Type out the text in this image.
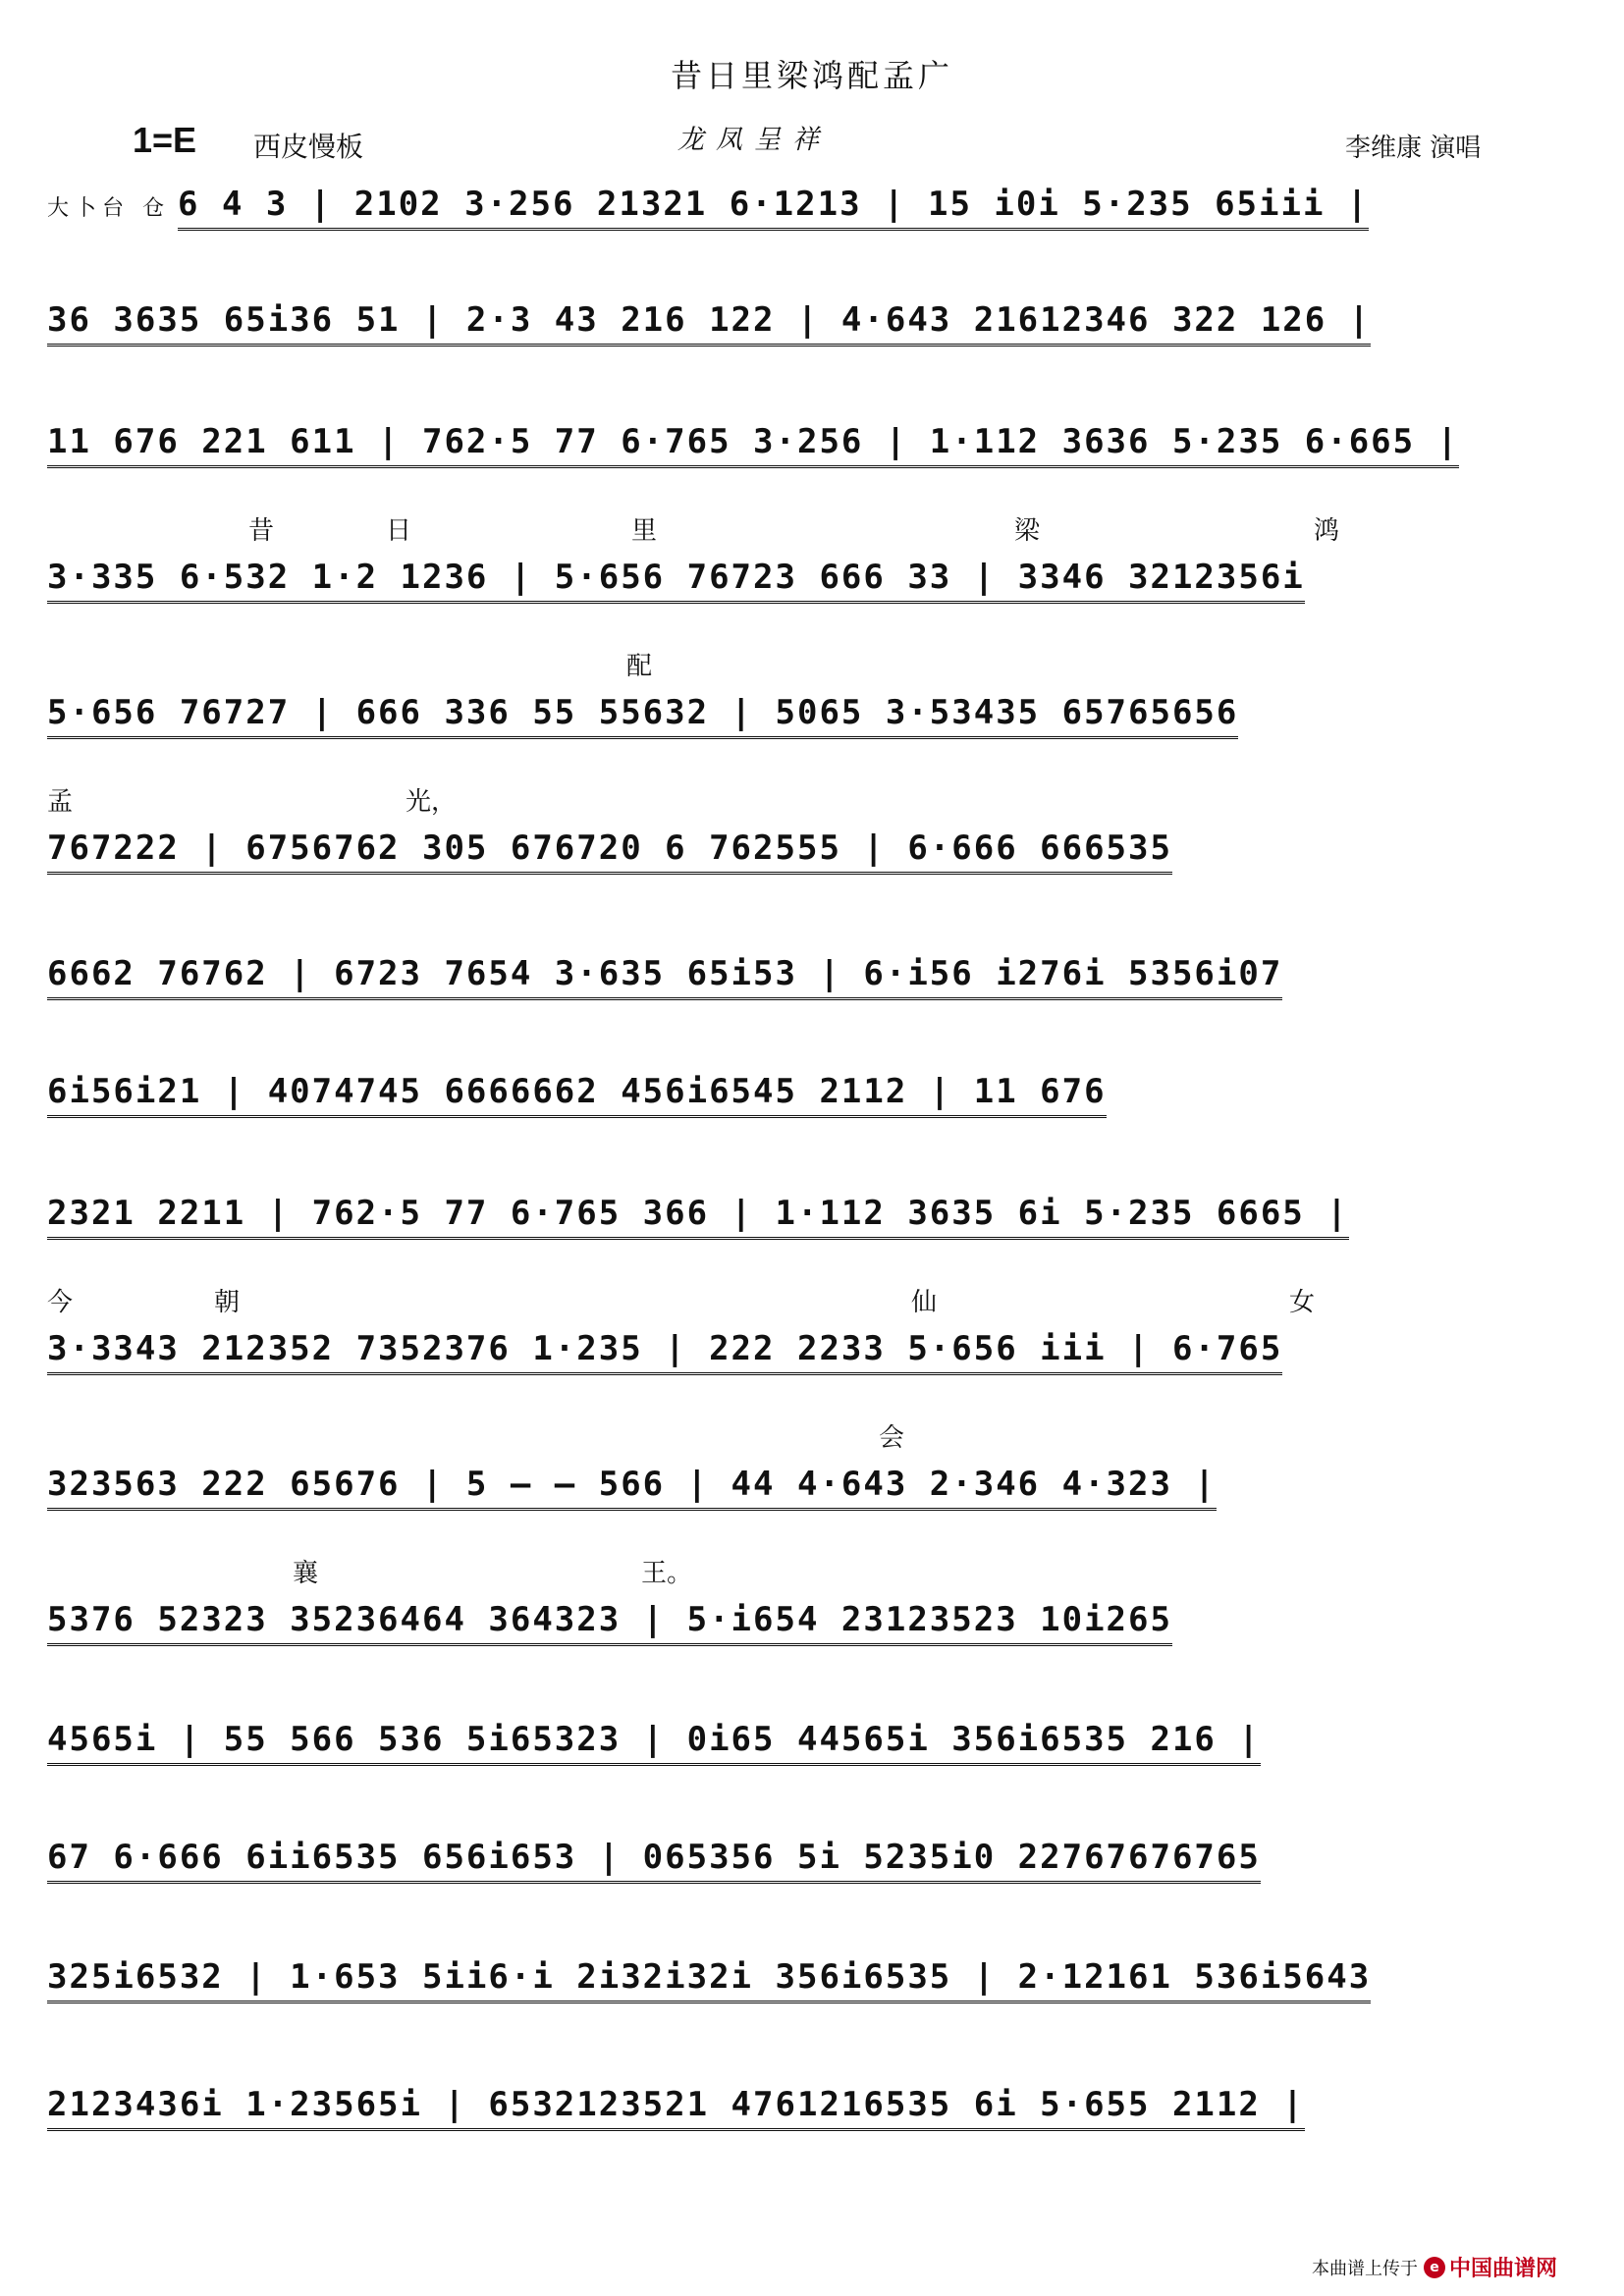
昔日里梁鸿配孟广
1=E 西皮慢板	龙凤呈祥	李维康 演唱
大卜台 仓 6 4 3 | 2102 3·256 21321 6·1213 | 15 i0i 5·235 65iii |
36 3635 65i36 51 | 2·3 43 216 122 | 4·643 21612346 322 126 |
11 676 221 611 | 762·5 77 6·765 3·256 | 1·112 3636 5·235 6·665 |
3·335 6·532 1·2 1236 | 5·656 76723 666 33 | 3346 3212356i
5·656 76727 | 666 336 55 55632 | 5065 3·53435 65765656
767222 | 6756762 305 676720 6 762555 | 6·666 666535
6662 76762 | 6723 7654 3·635 65i53 | 6·i56 i276i 5356i07
6i56i21 | 4074745 6666662 456i6545 2112 | 11 676
2321 2211 | 762·5 77 6·765 366 | 1·112 3635 6i 5·235 6665 |
3·3343 212352 7352376 1·235 | 222 2233 5·656 iii | 6·765
323563 222 65676 | 5 – – 566 | 44 4·643 2·346 4·323 |
5376 52323 35236464 364323 | 5·i654 23123523 10i265
4565i | 55 566 536 5i65323 | 0i65 44565i 356i6535 216 |
67 6·666 6ii6535 656i653 | 065356 5i 5235i0 22767676765
325i6532 | 1·653 5ii6·i 2i32i32i 356i6535 | 2·12161 536i5643
2123436i 1·23565i | 6532123521 4761216535 6i 5·655 2112 |
昔	日	里	梁	鸿
配
孟	光，
今	朝	仙	女
会
襄	王。
本曲谱上传于 e 中国曲谱网
